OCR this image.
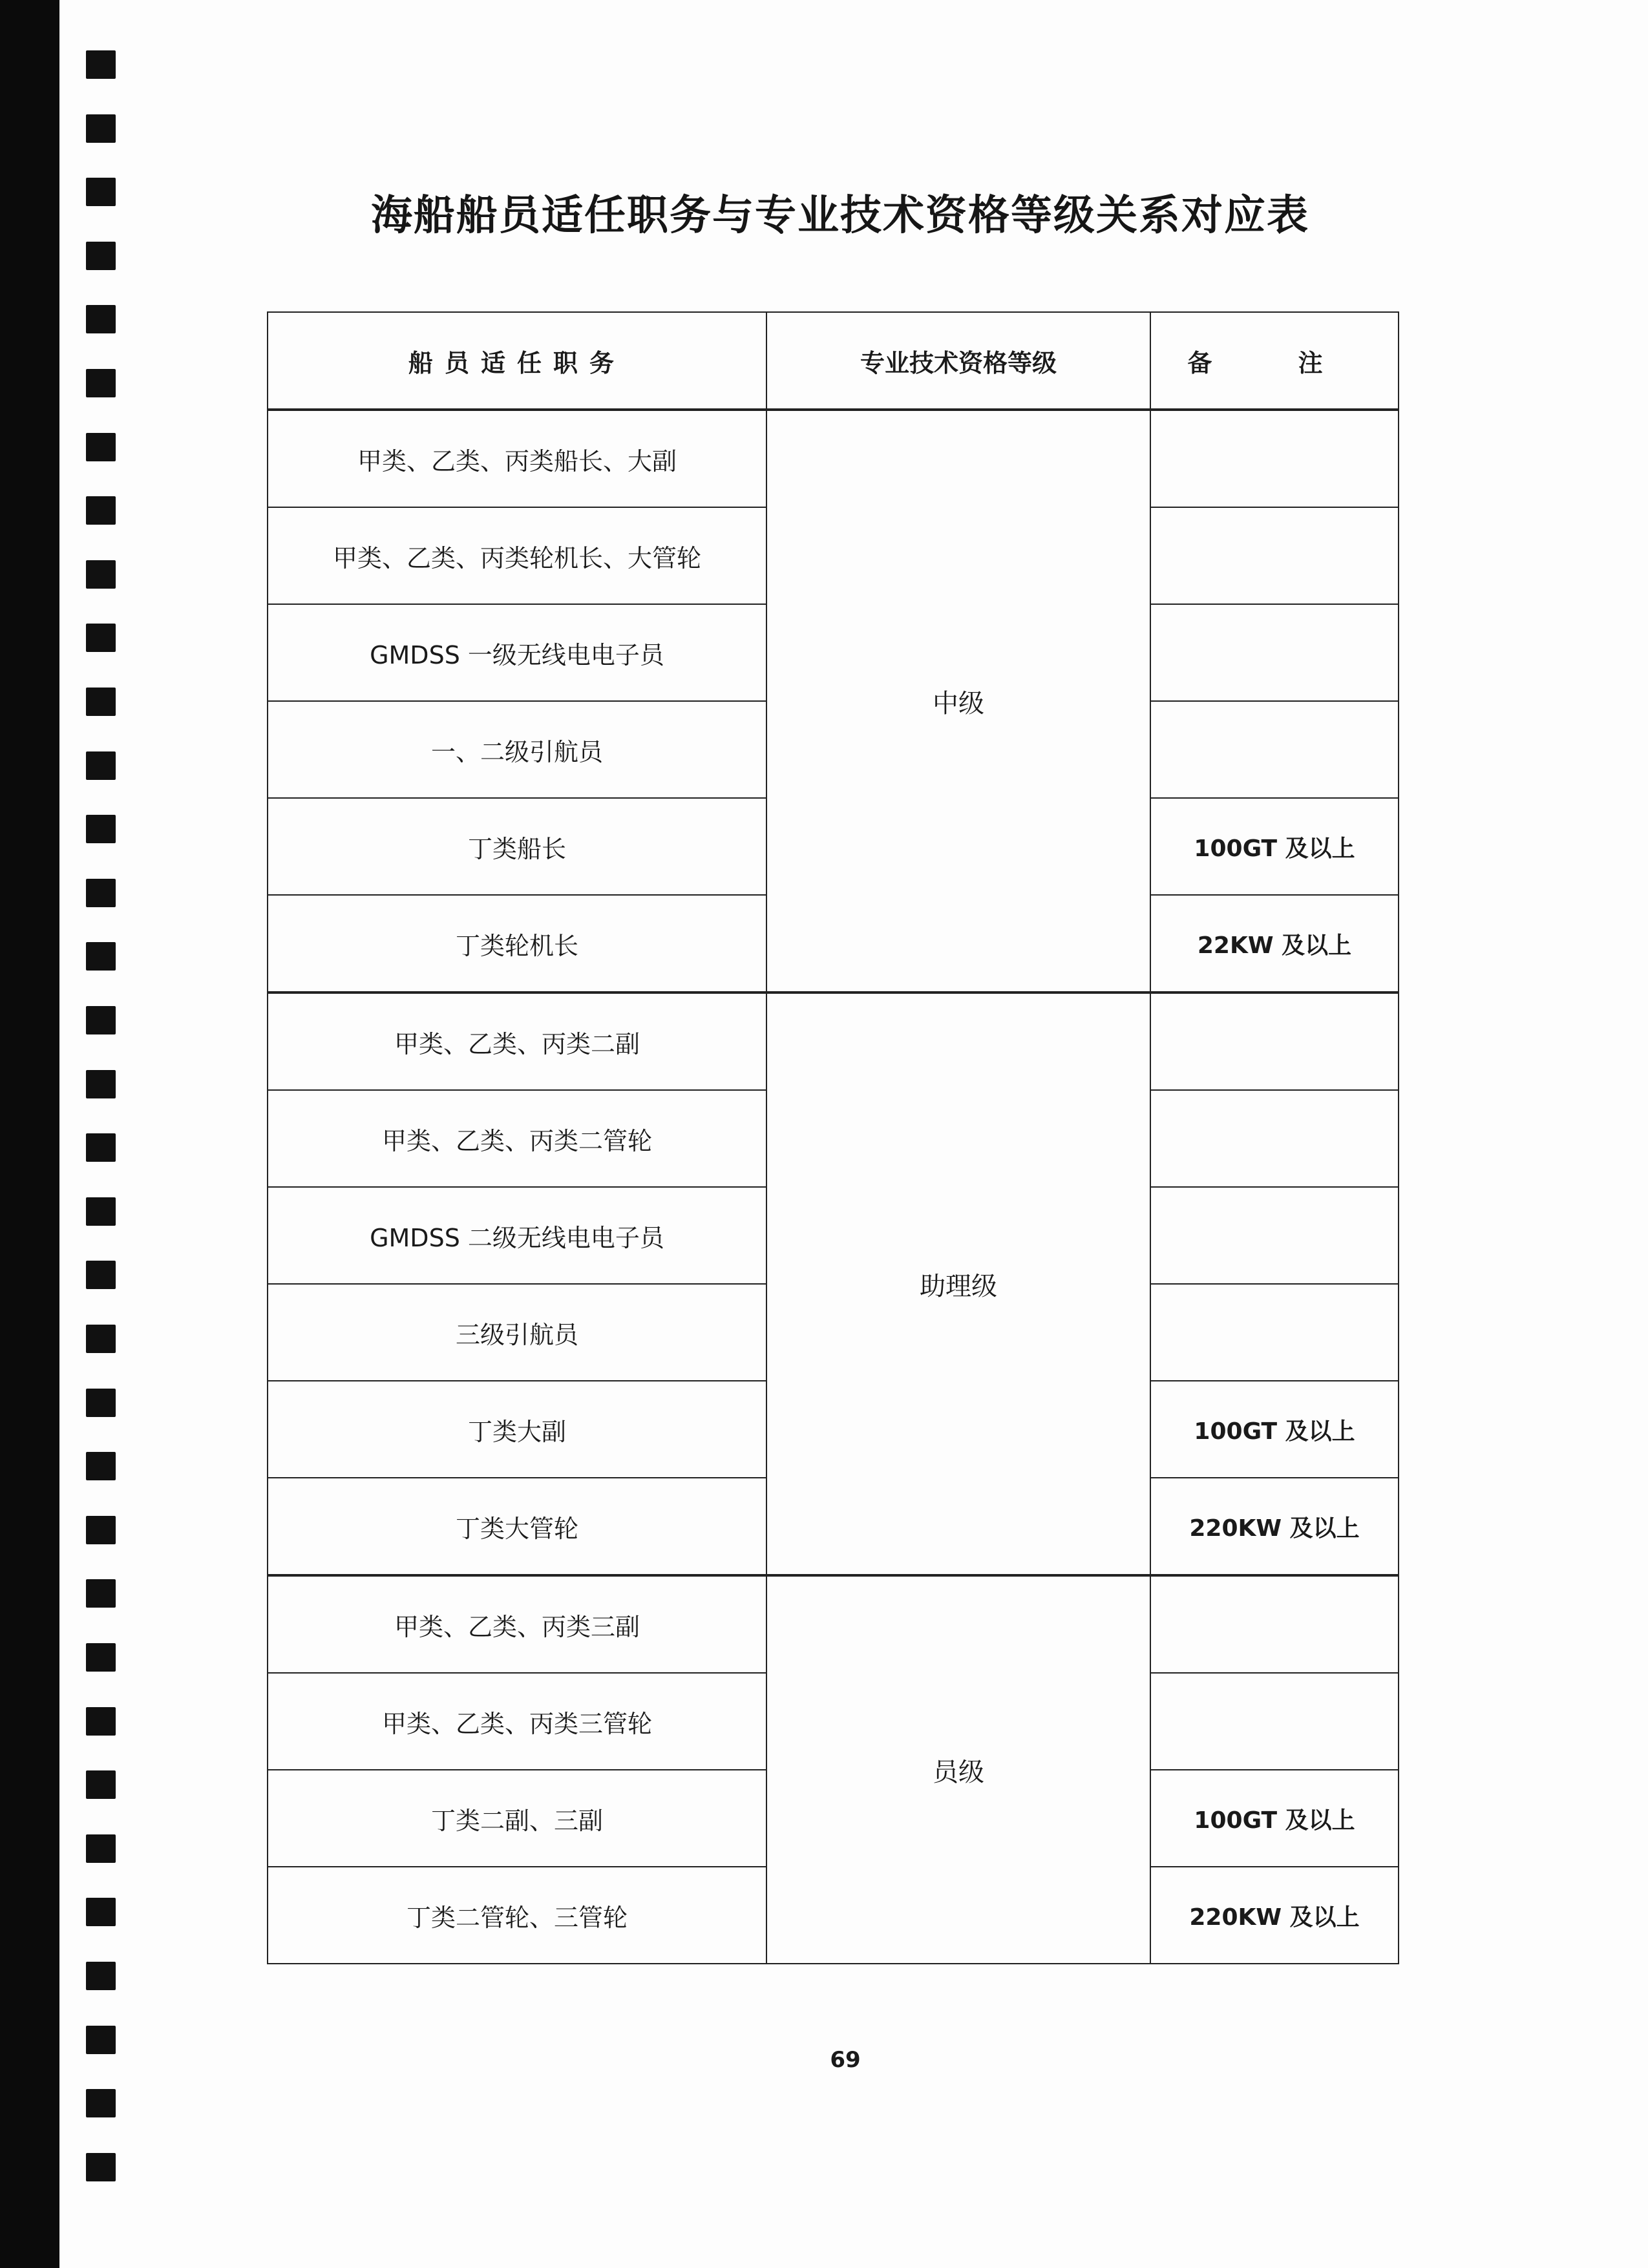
海船船员适任职务与专业技术资格等级关系对应表
船员适任职务	专业技术资格等级	备 注
甲类、乙类、丙类船长、大副	中级	
甲类、乙类、丙类轮机长、大管轮		
GMDSS 一级无线电电子员		
一、二级引航员		
丁类船长		100GT 及以上
丁类轮机长		22KW 及以上
甲类、乙类、丙类二副	助理级	
甲类、乙类、丙类二管轮		
GMDSS 二级无线电电子员		
三级引航员		
丁类大副		100GT 及以上
丁类大管轮		220KW 及以上
甲类、乙类、丙类三副	员级	
甲类、乙类、丙类三管轮		
丁类二副、三副		100GT 及以上
丁类二管轮、三管轮		220KW 及以上
69
